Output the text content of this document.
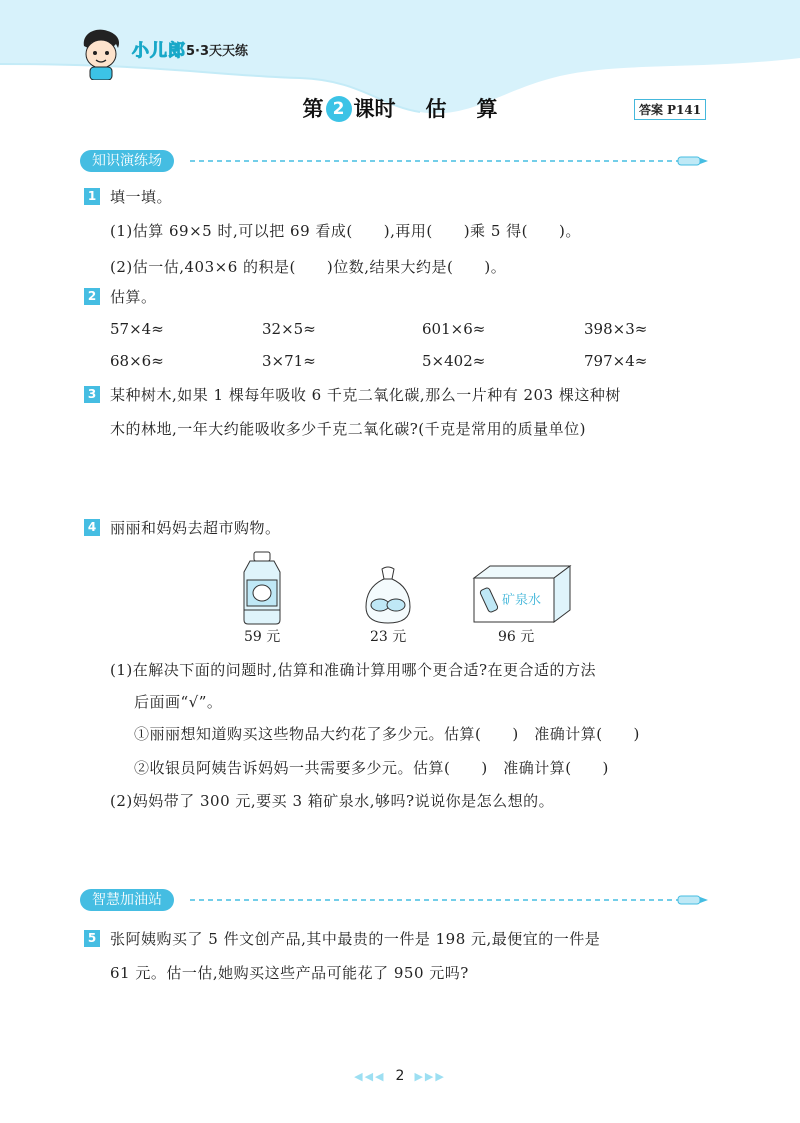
小儿郎 5·3天天练
第 2 课时 估 算	答案 P141
知识演练场
1 填一填。
(1)估算 69×5 时,可以把 69 看成(　　),再用(　　)乘 5 得(　　)。
(2)估一估,403×6 的积是(　　)位数,结果大约是(　　)。
2 估算。
57×4≈	32×5≈	601×6≈	398×3≈
68×6≈	3×71≈	5×402≈	797×4≈
3 某种树木,如果 1 棵每年吸收 6 千克二氧化碳,那么一片种有 203 棵这种树
木的林地,一年大约能吸收多少千克二氧化碳?(千克是常用的质量单位)
4 丽丽和妈妈去超市购物。
矿泉水
59 元	23 元	96 元
(1)在解决下面的问题时,估算和准确计算用哪个更合适?在更合适的方法
后面画“√”。
①丽丽想知道购买这些物品大约花了多少元。估算(　　)　准确计算(　　)
②收银员阿姨告诉妈妈一共需要多少元。估算(　　)　准确计算(　　)
(2)妈妈带了 300 元,要买 3 箱矿泉水,够吗?说说你是怎么想的。
智慧加油站
5 张阿姨购买了 5 件文创产品,其中最贵的一件是 198 元,最便宜的一件是
61 元。估一估,她购买这些产品可能花了 950 元吗?
◀◀◀ 2 ▶▶▶
